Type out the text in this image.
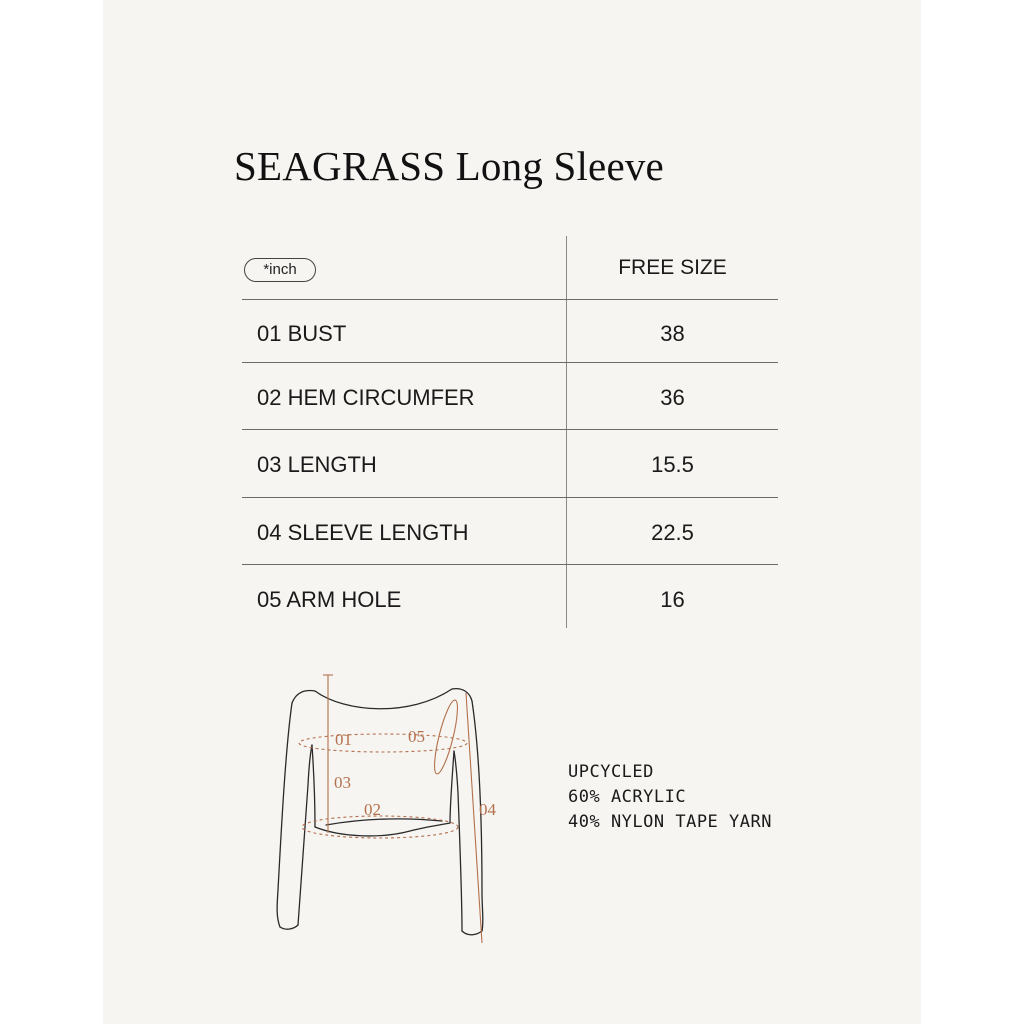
SEAGRASS Long Sleeve
*inch	FREE SIZE
01 BUST	38
02 HEM CIRCUMFER	36
03 LENGTH	15.5
04 SLEEVE LENGTH	22.5
05 ARM HOLE	16
01	05
03
02	04
UPCYCLED
60% ACRYLIC
40% NYLON TAPE YARN
